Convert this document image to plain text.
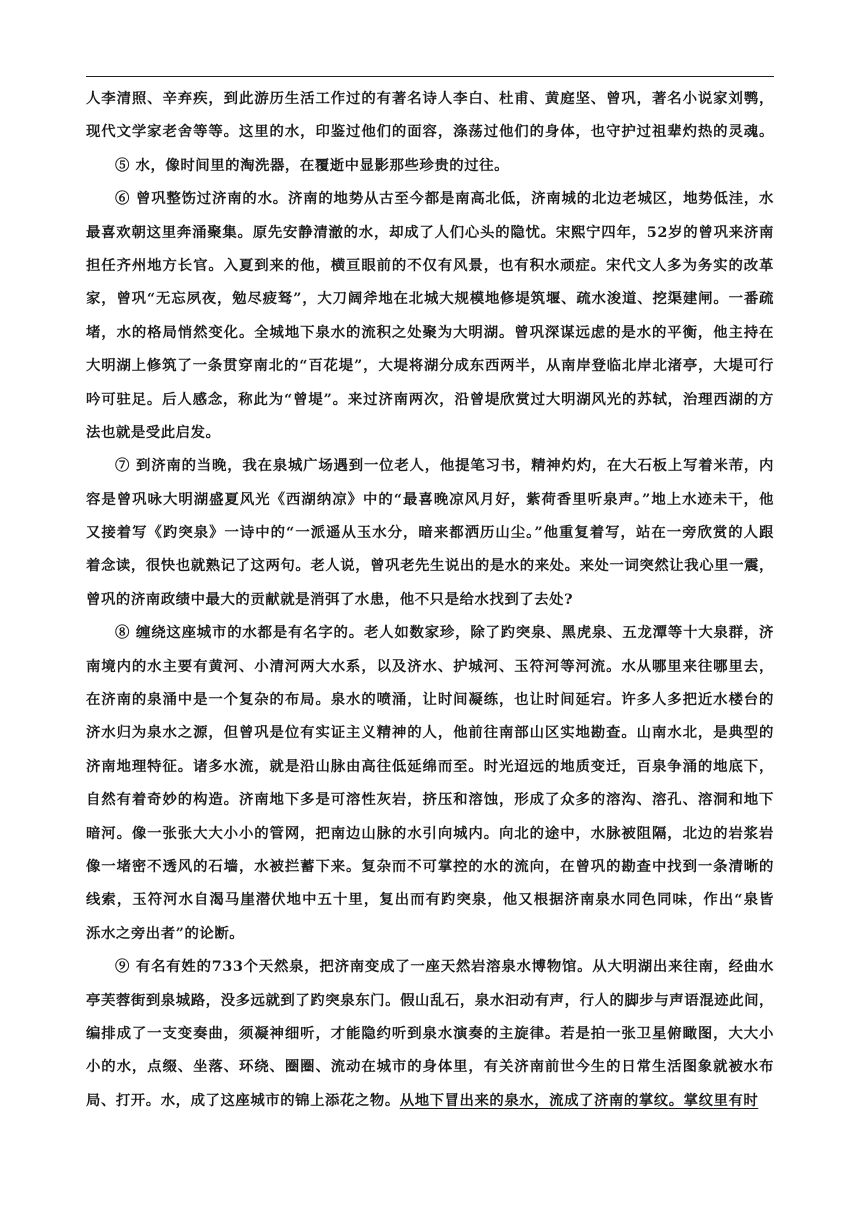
人李清照、辛弃疾，到此游历生活工作过的有著名诗人李白、杜甫、黄庭坚、曾巩，著名小说家刘鹗，
现代文学家老舍等等。这里的水，印鉴过他们的面容，涤荡过他们的身体，也守护过祖辈灼热的灵魂。
⑤ 水，像时间里的淘洗器，在覆逝中显影那些珍贵的过往。
⑥ 曾巩整饬过济南的水。济南的地势从古至今都是南高北低，济南城的北边老城区，地势低洼，水
最喜欢朝这里奔涌聚集。原先安静清澈的水，却成了人们心头的隐忧。宋熙宁四年，52岁的曾巩来济南
担任齐州地方长官。入夏到来的他，横亘眼前的不仅有风景，也有积水顽症。宋代文人多为务实的改革
家，曾巩“无忘夙夜，勉尽疲驽”，大刀阔斧地在北城大规模地修堤筑堰、疏水浚道、挖渠建闸。一番疏
堵，水的格局悄然变化。全城地下泉水的流积之处聚为大明湖。曾巩深谋远虑的是水的平衡，他主持在
大明湖上修筑了一条贯穿南北的“百花堤”，大堤将湖分成东西两半，从南岸登临北岸北渚亭，大堤可行
吟可驻足。后人感念，称此为“曾堤”。来过济南两次，沿曾堤欣赏过大明湖风光的苏轼，治理西湖的方
法也就是受此启发。
⑦ 到济南的当晚，我在泉城广场遇到一位老人，他提笔习书，精神灼灼，在大石板上写着米芾，内
容是曾巩咏大明湖盛夏风光《西湖纳凉》中的“最喜晚凉风月好，紫荷香里听泉声。”地上水迹未干，他
又接着写《趵突泉》一诗中的“一派遥从玉水分，暗来都洒历山尘。”他重复着写，站在一旁欣赏的人跟
着念读，很快也就熟记了这两句。老人说，曾巩老先生说出的是水的来处。来处一词突然让我心里一震，
曾巩的济南政绩中最大的贡献就是消弭了水患，他不只是给水找到了去处?
⑧ 缠绕这座城市的水都是有名字的。老人如数家珍，除了趵突泉、黑虎泉、五龙潭等十大泉群，济
南境内的水主要有黄河、小清河两大水系，以及济水、护城河、玉符河等河流。水从哪里来往哪里去，
在济南的泉涌中是一个复杂的布局。泉水的喷涌，让时间凝练，也让时间延宕。许多人多把近水楼台的
济水归为泉水之源，但曾巩是位有实证主义精神的人，他前往南部山区实地勘查。山南水北，是典型的
济南地理特征。诸多水流，就是沿山脉由高往低延绵而至。时光迢远的地质变迁，百泉争涌的地底下，
自然有着奇妙的构造。济南地下多是可溶性灰岩，挤压和溶蚀，形成了众多的溶沟、溶孔、溶洞和地下
暗河。像一张张大大小小的管网，把南边山脉的水引向城内。向北的途中，水脉被阻隔，北边的岩浆岩
像一堵密不透风的石墙，水被拦蓄下来。复杂而不可掌控的水的流向，在曾巩的勘查中找到一条清晰的
线索，玉符河水自渴马崖潜伏地中五十里，复出而有趵突泉，他又根据济南泉水同色同味，作出“泉皆
泺水之旁出者”的论断。
⑨ 有名有姓的733个天然泉，把济南变成了一座天然岩溶泉水博物馆。从大明湖出来往南，经曲水
亭芙蓉街到泉城路，没多远就到了趵突泉东门。假山乱石，泉水汩动有声，行人的脚步与声语混迹此间，
编排成了一支变奏曲，须凝神细听，才能隐约听到泉水演奏的主旋律。若是拍一张卫星俯瞰图，大大小
小的水，点缀、坐落、环绕、圈圈、流动在城市的身体里，有关济南前世今生的日常生活图象就被水布
局、打开。水，成了这座城市的锦上添花之物。从地下冒出来的泉水，流成了济南的掌纹。掌纹里有时
